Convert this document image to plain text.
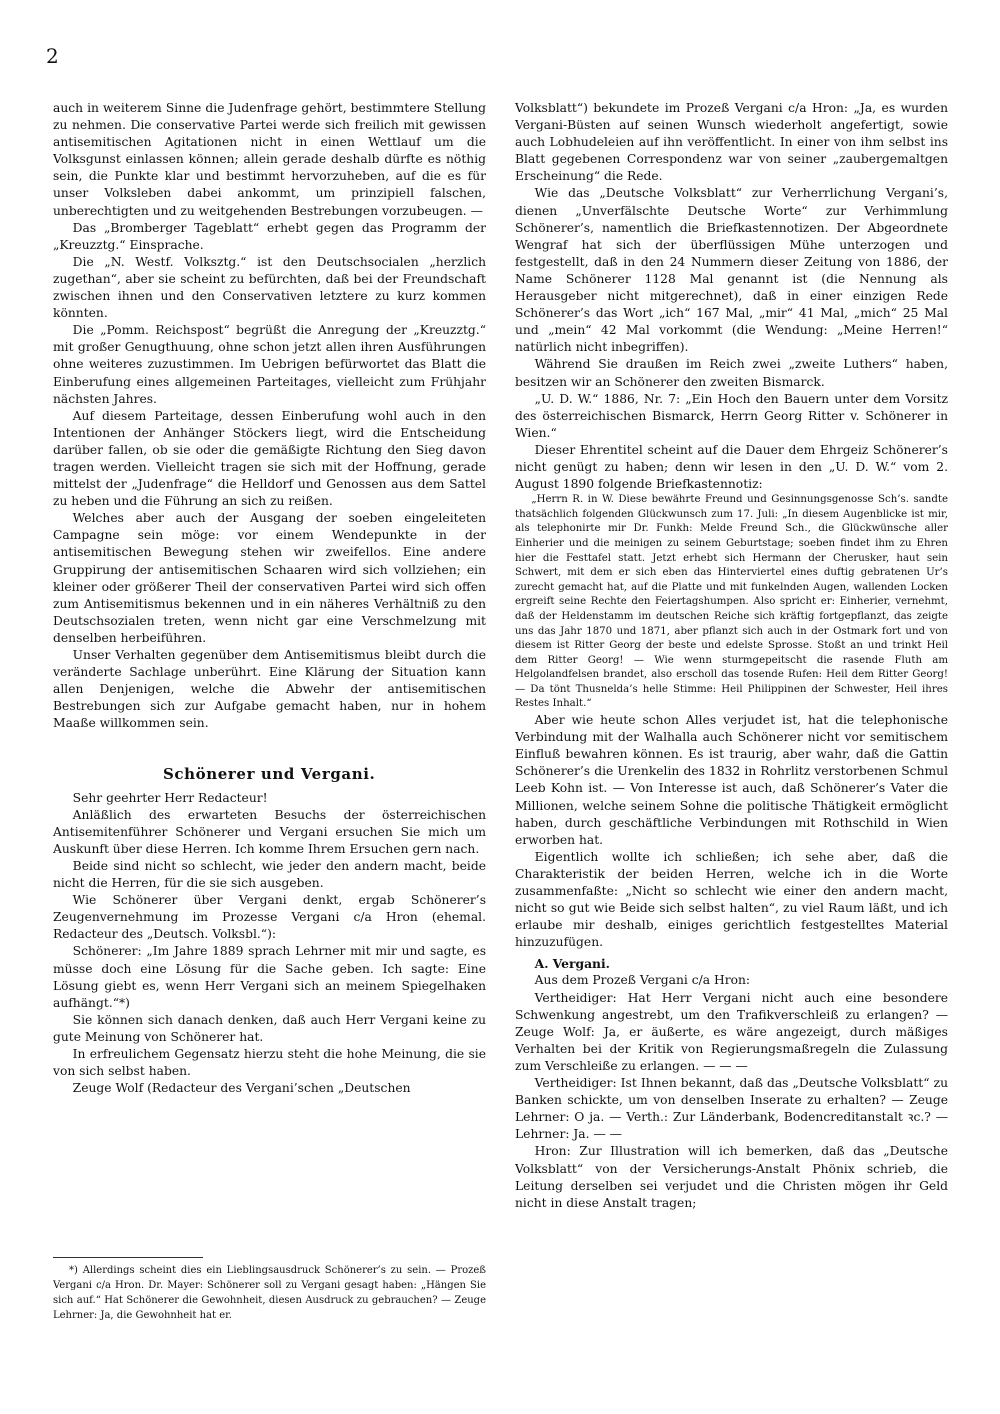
2

auch in weiterem Sinne die Judenfrage gehört, bestimmtere Stellung zu nehmen. Die conservative Partei werde sich freilich mit gewissen antisemitischen Agitationen nicht in einen Wettlauf um die Volksgunst einlassen können; allein gerade deshalb dürfte es nöthig sein, die Punkte klar und bestimmt hervorzuheben, auf die es für unser Volksleben dabei ankommt, um prinzipiell falschen, unberechtigten und zu weitgehenden Bestrebungen vorzubeugen. —

Das „Bromberger Tageblatt“ erhebt gegen das Programm der „Kreuzztg.“ Einsprache.

Die „N. Westf. Volksztg.“ ist den Deutschsocialen „herzlich zugethan“, aber sie scheint zu befürchten, daß bei der Freundschaft zwischen ihnen und den Conservativen letztere zu kurz kommen könnten.

Die „Pomm. Reichspost“ begrüßt die Anregung der „Kreuzztg.“ mit großer Genugthuung, ohne schon jetzt allen ihren Ausführungen ohne weiteres zuzustimmen. Im Uebrigen befürwortet das Blatt die Einberufung eines allgemeinen Parteitages, vielleicht zum Frühjahr nächsten Jahres.

Auf diesem Parteitage, dessen Einberufung wohl auch in den Intentionen der Anhänger Stöckers liegt, wird die Entscheidung darüber fallen, ob sie oder die gemäßigte Richtung den Sieg davon tragen werden. Vielleicht tragen sie sich mit der Hoffnung, gerade mittelst der „Judenfrage“ die Helldorf und Genossen aus dem Sattel zu heben und die Führung an sich zu reißen.

Welches aber auch der Ausgang der soeben eingeleiteten Campagne sein möge: vor einem Wendepunkte in der antisemitischen Bewegung stehen wir zweifellos. Eine andere Gruppirung der antisemitischen Schaaren wird sich vollziehen; ein kleiner oder größerer Theil der conservativen Partei wird sich offen zum Antisemitismus bekennen und in ein näheres Verhältniß zu den Deutschsozialen treten, wenn nicht gar eine Verschmelzung mit denselben herbeiführen.

Unser Verhalten gegenüber dem Antisemitismus bleibt durch die veränderte Sachlage unberührt. Eine Klärung der Situation kann allen Denjenigen, welche die Abwehr der antisemitischen Bestrebungen sich zur Aufgabe gemacht haben, nur in hohem Maaße willkommen sein.

Schönerer und Vergani.

Sehr geehrter Herr Redacteur!

Anläßlich des erwarteten Besuchs der österreichischen Antisemitenführer Schönerer und Vergani ersuchen Sie mich um Auskunft über diese Herren. Ich komme Ihrem Ersuchen gern nach.

Beide sind nicht so schlecht, wie jeder den andern macht, beide nicht die Herren, für die sie sich ausgeben.

Wie Schönerer über Vergani denkt, ergab Schönerer’s Zeugenvernehmung im Prozesse Vergani c/a Hron (ehemal. Redacteur des „Deutsch. Volksbl.“):

Schönerer: „Im Jahre 1889 sprach Lehrner mit mir und sagte, es müsse doch eine Lösung für die Sache geben. Ich sagte: Eine Lösung giebt es, wenn Herr Vergani sich an meinem Spiegelhaken aufhängt.“*)

Sie können sich danach denken, daß auch Herr Vergani keine zu gute Meinung von Schönerer hat.

In erfreulichem Gegensatz hierzu steht die hohe Meinung, die sie von sich selbst haben.

Zeuge Wolf (Redacteur des Vergani’schen „Deutschen

*) Allerdings scheint dies ein Lieblingsausdruck Schönerer’s zu sein. — Prozeß Vergani c/a Hron. Dr. Mayer: Schönerer soll zu Vergani gesagt haben: „Hängen Sie sich auf.“ Hat Schönerer die Gewohnheit, diesen Ausdruck zu gebrauchen? — Zeuge Lehrner: Ja, die Gewohnheit hat er.

Volksblatt“) bekundete im Prozeß Vergani c/a Hron: „Ja, es wurden Vergani-Büsten auf seinen Wunsch wiederholt angefertigt, sowie auch Lobhudeleien auf ihn veröffentlicht. In einer von ihm selbst ins Blatt gegebenen Correspondenz war von seiner „zaubergemaltgen Erscheinung“ die Rede.

Wie das „Deutsche Volksblatt“ zur Verherrlichung Vergani’s, dienen „Unverfälschte Deutsche Worte“ zur Verhimmlung Schönerer’s, namentlich die Briefkastennotizen. Der Abgeordnete Wengraf hat sich der überflüssigen Mühe unterzogen und festgestellt, daß in den 24 Nummern dieser Zeitung von 1886, der Name Schönerer 1128 Mal genannt ist (die Nennung als Herausgeber nicht mitgerechnet), daß in einer einzigen Rede Schönerer’s das Wort „ich“ 167 Mal, „mir“ 41 Mal, „mich“ 25 Mal und „mein“ 42 Mal vorkommt (die Wendung: „Meine Herren!“ natürlich nicht inbegriffen).

Während Sie draußen im Reich zwei „zweite Luthers“ haben, besitzen wir an Schönerer den zweiten Bismarck.

„U. D. W.“ 1886, Nr. 7: „Ein Hoch den Bauern unter dem Vorsitz des österreichischen Bismarck, Herrn Georg Ritter v. Schönerer in Wien.“

Dieser Ehrentitel scheint auf die Dauer dem Ehrgeiz Schönerer’s nicht genügt zu haben; denn wir lesen in den „U. D. W.“ vom 2. August 1890 folgende Briefkastennotiz:

„Herrn R. in W. Diese bewährte Freund und Gesinnungsgenosse Sch’s. sandte thatsächlich folgenden Glückwunsch zum 17. Juli: „In diesem Augenblicke ist mir, als telephonirte mir Dr. Funkh: Melde Freund Sch., die Glückwünsche aller Einherier und die meinigen zu seinem Geburtstage; soeben findet ihm zu Ehren hier die Festtafel statt. Jetzt erhebt sich Hermann der Cherusker, haut sein Schwert, mit dem er sich eben das Hinterviertel eines duftig gebratenen Ur’s zurecht gemacht hat, auf die Platte und mit funkelnden Augen, wallenden Locken ergreift seine Rechte den Feiertagshumpen. Also spricht er: Einherier, vernehmt, daß der Heldenstamm im deutschen Reiche sich kräftig fortgepflanzt, das zeigte uns das Jahr 1870 und 1871, aber pflanzt sich auch in der Ostmark fort und von diesem ist Ritter Georg der beste und edelste Sprosse. Stoßt an und trinkt Heil dem Ritter Georg! — Wie wenn sturmgepeitscht die rasende Fluth am Helgolandfelsen brandet, also erscholl das tosende Rufen: Heil dem Ritter Georg! — Da tönt Thusnelda’s helle Stimme: Heil Philippinen der Schwester, Heil ihres Restes Inhalt.“

Aber wie heute schon Alles verjudet ist, hat die telephonische Verbindung mit der Walhalla auch Schönerer nicht vor semitischem Einfluß bewahren können. Es ist traurig, aber wahr, daß die Gattin Schönerer’s die Urenkelin des 1832 in Rohrlitz verstorbenen Schmul Leeb Kohn ist. — Von Interesse ist auch, daß Schönerer’s Vater die Millionen, welche seinem Sohne die politische Thätigkeit ermöglicht haben, durch geschäftliche Verbindungen mit Rothschild in Wien erworben hat.

Eigentlich wollte ich schließen; ich sehe aber, daß die Charakteristik der beiden Herren, welche ich in die Worte zusammenfaßte: „Nicht so schlecht wie einer den andern macht, nicht so gut wie Beide sich selbst halten“, zu viel Raum läßt, und ich erlaube mir deshalb, einiges gerichtlich festgestelltes Material hinzuzufügen.

A. Vergani.

Aus dem Prozeß Vergani c/a Hron:

Vertheidiger: Hat Herr Vergani nicht auch eine besondere Schwenkung angestrebt, um den Trafikverschleiß zu erlangen? — Zeuge Wolf: Ja, er äußerte, es wäre angezeigt, durch mäßiges Verhalten bei der Kritik von Regierungsmaßregeln die Zulassung zum Verschleiße zu erlangen. — — —

Vertheidiger: Ist Ihnen bekannt, daß das „Deutsche Volksblatt“ zu Banken schickte, um von denselben Inserate zu erhalten? — Zeuge Lehrner: O ja. — Verth.: Zur Länderbank, Bodencreditanstalt ꝛc.? — Lehrner: Ja. — —

Hron: Zur Illustration will ich bemerken, daß das „Deutsche Volksblatt“ von der Versicherungs-Anstalt Phönix schrieb, die Leitung derselben sei verjudet und die Christen mögen ihr Geld nicht in diese Anstalt tragen;
